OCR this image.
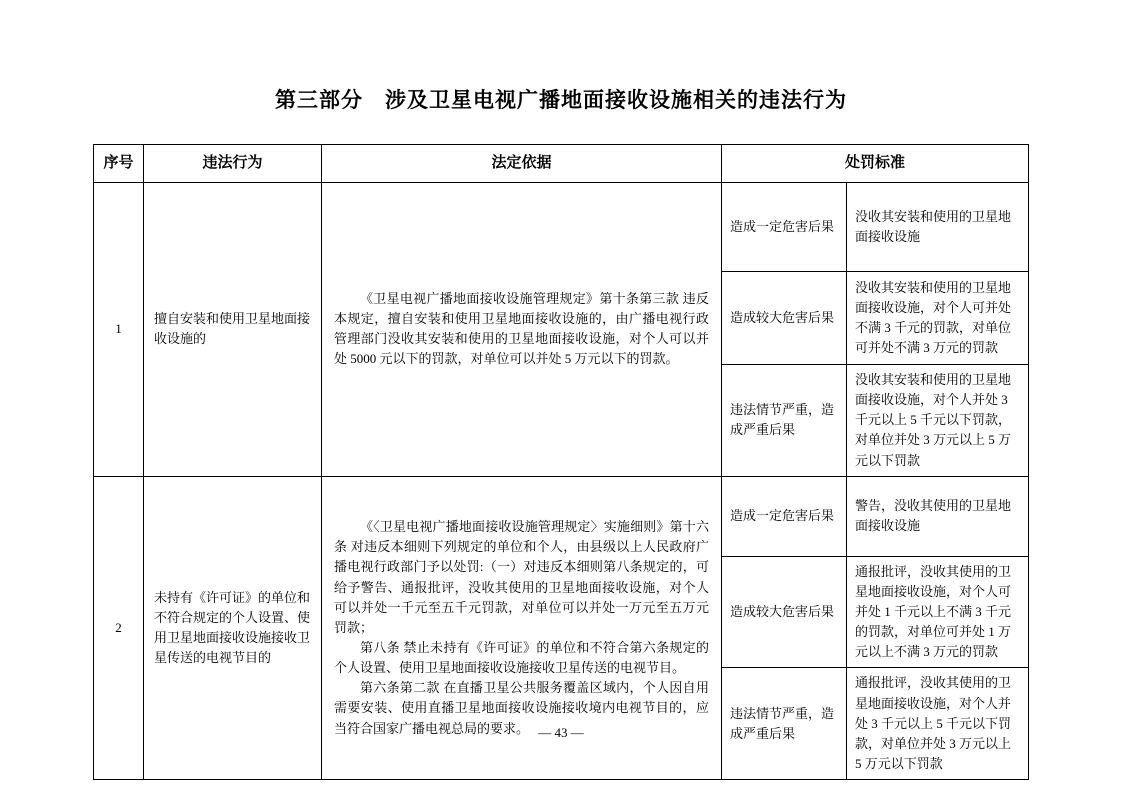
第三部分　涉及卫星电视广播地面接收设施相关的违法行为
序号	违法行为	法定依据	处罚标准	
1	擅自安装和使用卫星地面接收设施的	《卫星电视广播地面接收设施管理规定》第十条第三款 违反本规定，擅自安装和使用卫星地面接收设施的，由广播电视行政管理部门没收其安装和使用的卫星地面接收设施，对个人可以并处 5000 元以下的罚款，对单位可以并处 5 万元以下的罚款。	造成一定危害后果	没收其安装和使用的卫星地面接收设施
			造成较大危害后果	没收其安装和使用的卫星地面接收设施，对个人可并处不满 3 千元的罚款，对单位可并处不满 3 万元的罚款
			违法情节严重，造成严重后果	没收其安装和使用的卫星地面接收设施，对个人并处 3 千元以上 5 千元以下罚款，对单位并处 3 万元以上 5 万元以下罚款
2	未持有《许可证》的单位和不符合规定的个人设置、使用卫星地面接收设施接收卫星传送的电视节目的	《〈卫星电视广播地面接收设施管理规定〉实施细则》第十六条 对违反本细则下列规定的单位和个人，由县级以上人民政府广播电视行政部门予以处罚:（一）对违反本细则第八条规定的，可给予警告、通报批评，没收其使用的卫星地面接收设施，对个人可以并处一千元至五千元罚款，对单位可以并处一万元至五万元罚款；

第八条 禁止未持有《许可证》的单位和不符合第六条规定的个人设置、使用卫星地面接收设施接收卫星传送的电视节目。

第六条第二款 在直播卫星公共服务覆盖区域内，个人因自用需要安装、使用直播卫星地面接收设施接收境内电视节目的，应当符合国家广播电视总局的要求。	造成一定危害后果	警告，没收其使用的卫星地面接收设施
			造成较大危害后果	通报批评，没收其使用的卫星地面接收设施，对个人可并处 1 千元以上不满 3 千元的罚款，对单位可并处 1 万元以上不满 3 万元的罚款
			违法情节严重，造成严重后果	通报批评，没收其使用的卫星地面接收设施，对个人并处 3 千元以上 5 千元以下罚款，对单位并处 3 万元以上 5 万元以下罚款
— 43 —
